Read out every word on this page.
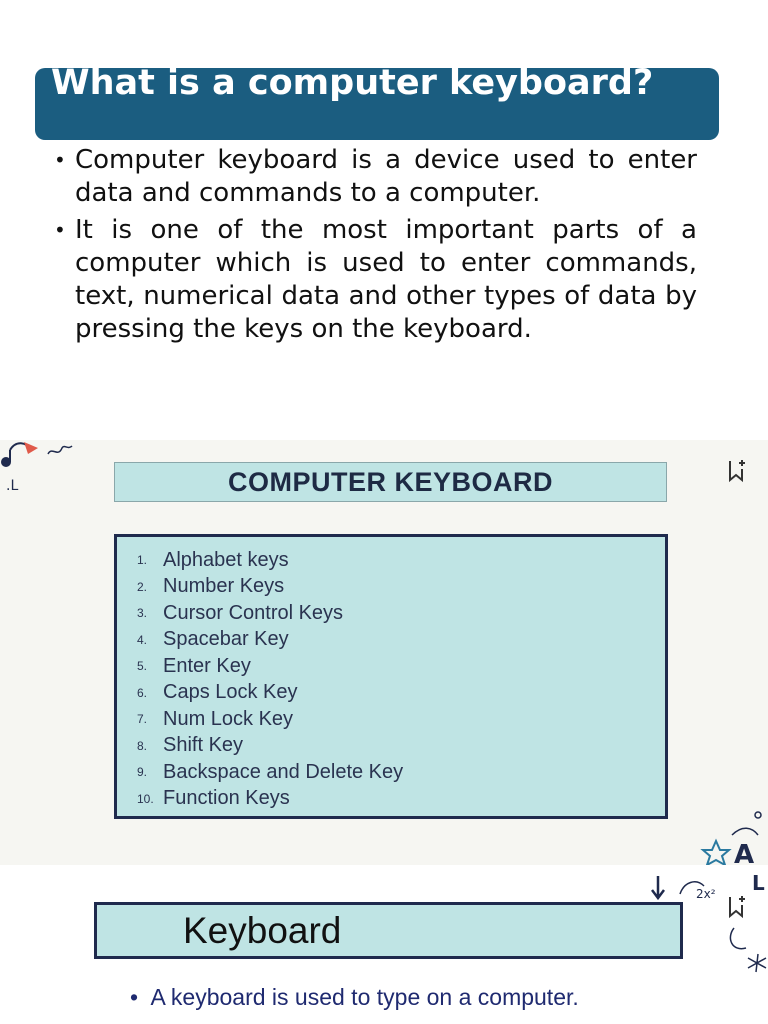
What is a computer keyboard?
• Computer keyboard is a device used to enter data and commands to a computer.
• It is one of the most important parts of a computer which is used to enter commands, text, numerical data and other types of data by pressing the keys on the keyboard.
.L	COMPUTER KEYBOARD
1. Alphabet keys
2. Number Keys
3. Cursor Control Keys
4. Spacebar Key
5. Enter Key
6. Caps Lock Key
7. Num Lock Key
8. Shift Key
9. Backspace and Delete Key
10. Function Keys
A
2x² L
Keyboard
• A keyboard is used to type on a computer.
